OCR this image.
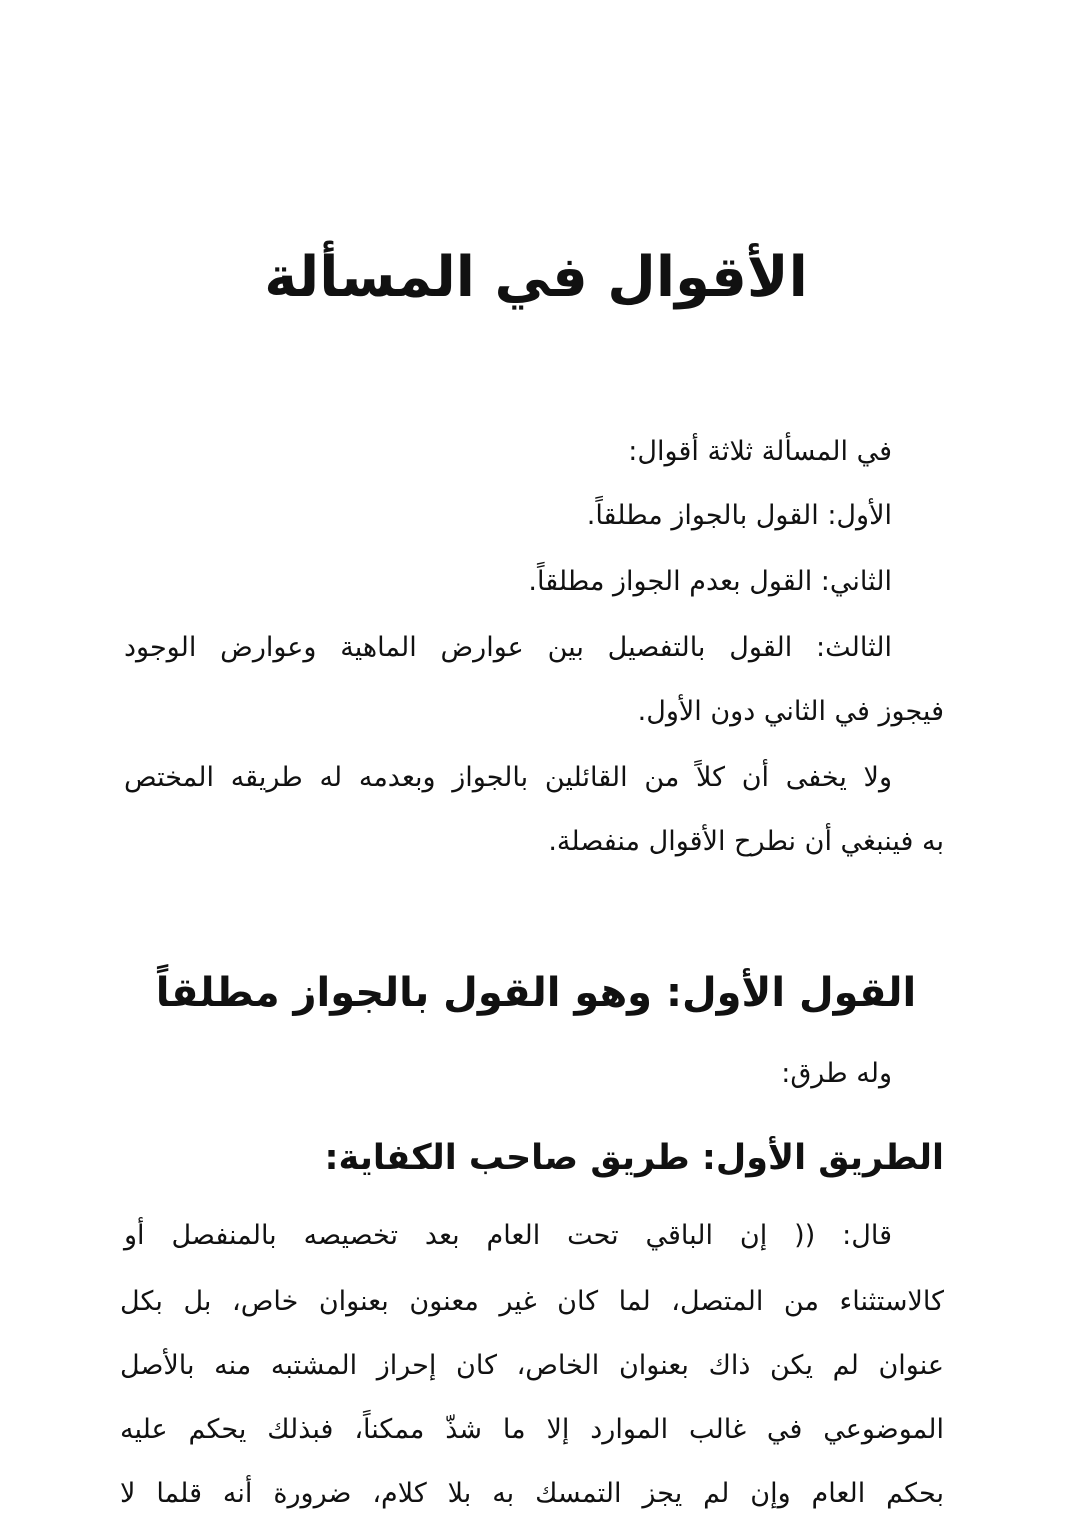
الأقوال في المسألة
في المسألة ثلاثة أقوال:
الأول: القول بالجواز مطلقاً.
الثاني: القول بعدم الجواز مطلقاً.
الثالث: القول بالتفصيل بين عوارض الماهية وعوارض الوجود
فيجوز في الثاني دون الأول.
ولا يخفى أن كلاً من القائلين بالجواز وبعدمه له طريقه المختص
به فينبغي أن نطرح الأقوال منفصلة.
القول الأول: وهو القول بالجواز مطلقاً
وله طرق:
الطريق الأول: طريق صاحب الكفاية:
قال: (( إن الباقي تحت العام بعد تخصيصه بالمنفصل أو
كالاستثناء من المتصل، لما كان غير معنون بعنوان خاص، بل بكل
عنوان لم يكن ذاك بعنوان الخاص، كان إحراز المشتبه منه بالأصل
الموضوعي في غالب الموارد إلا ما شذّ ممكناً، فبذلك يحكم عليه
بحكم العام وإن لم يجز التمسك به بلا كلام، ضرورة أنه قلما لا
